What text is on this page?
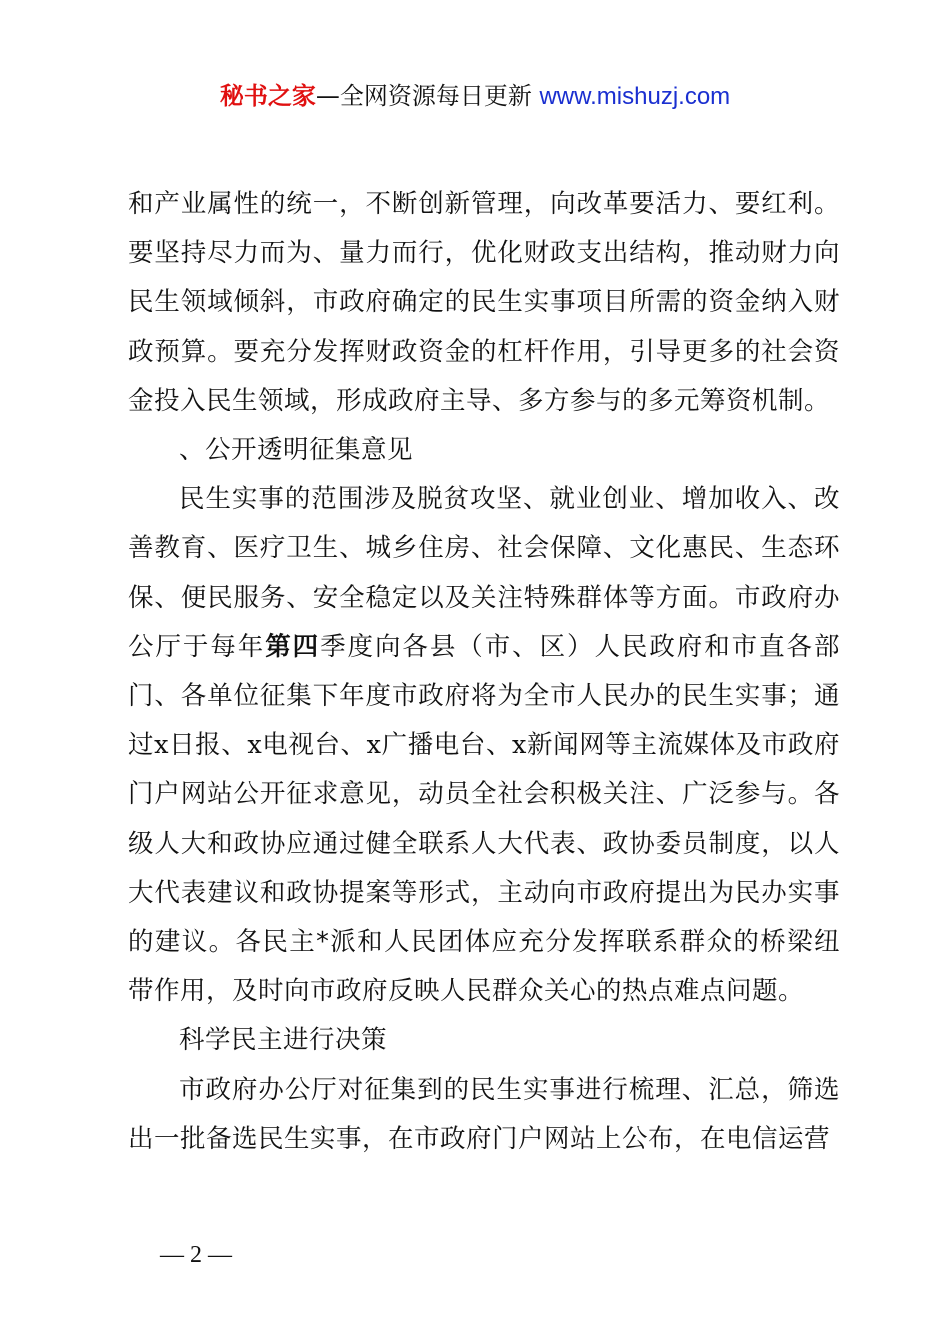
秘书之家—全网资源每日更新 www.mishuzj.com

和产业属性的统一，不断创新管理，向改革要活力、要红利。要坚持尽力而为、量力而行，优化财政支出结构，推动财力向民生领域倾斜，市政府确定的民生实事项目所需的资金纳入财政预算。要充分发挥财政资金的杠杆作用，引导更多的社会资金投入民生领域，形成政府主导、多方参与的多元筹资机制。

、公开透明征集意见

民生实事的范围涉及脱贫攻坚、就业创业、增加收入、改善教育、医疗卫生、城乡住房、社会保障、文化惠民、生态环保、便民服务、安全稳定以及关注特殊群体等方面。市政府办公厅于每年第四季度向各县（市、区）人民政府和市直各部门、各单位征集下年度市政府将为全市人民办的民生实事；通过x日报、x电视台、x广播电台、x新闻网等主流媒体及市政府门户网站公开征求意见，动员全社会积极关注、广泛参与。各级人大和政协应通过健全联系人大代表、政协委员制度，以人大代表建议和政协提案等形式，主动向市政府提出为民办实事的建议。各民主*派和人民团体应充分发挥联系群众的桥梁纽带作用，及时向市政府反映人民群众关心的热点难点问题。

科学民主进行决策

市政府办公厅对征集到的民生实事进行梳理、汇总，筛选出一批备选民生实事，在市政府门户网站上公布，在电信运营

— 2 —
